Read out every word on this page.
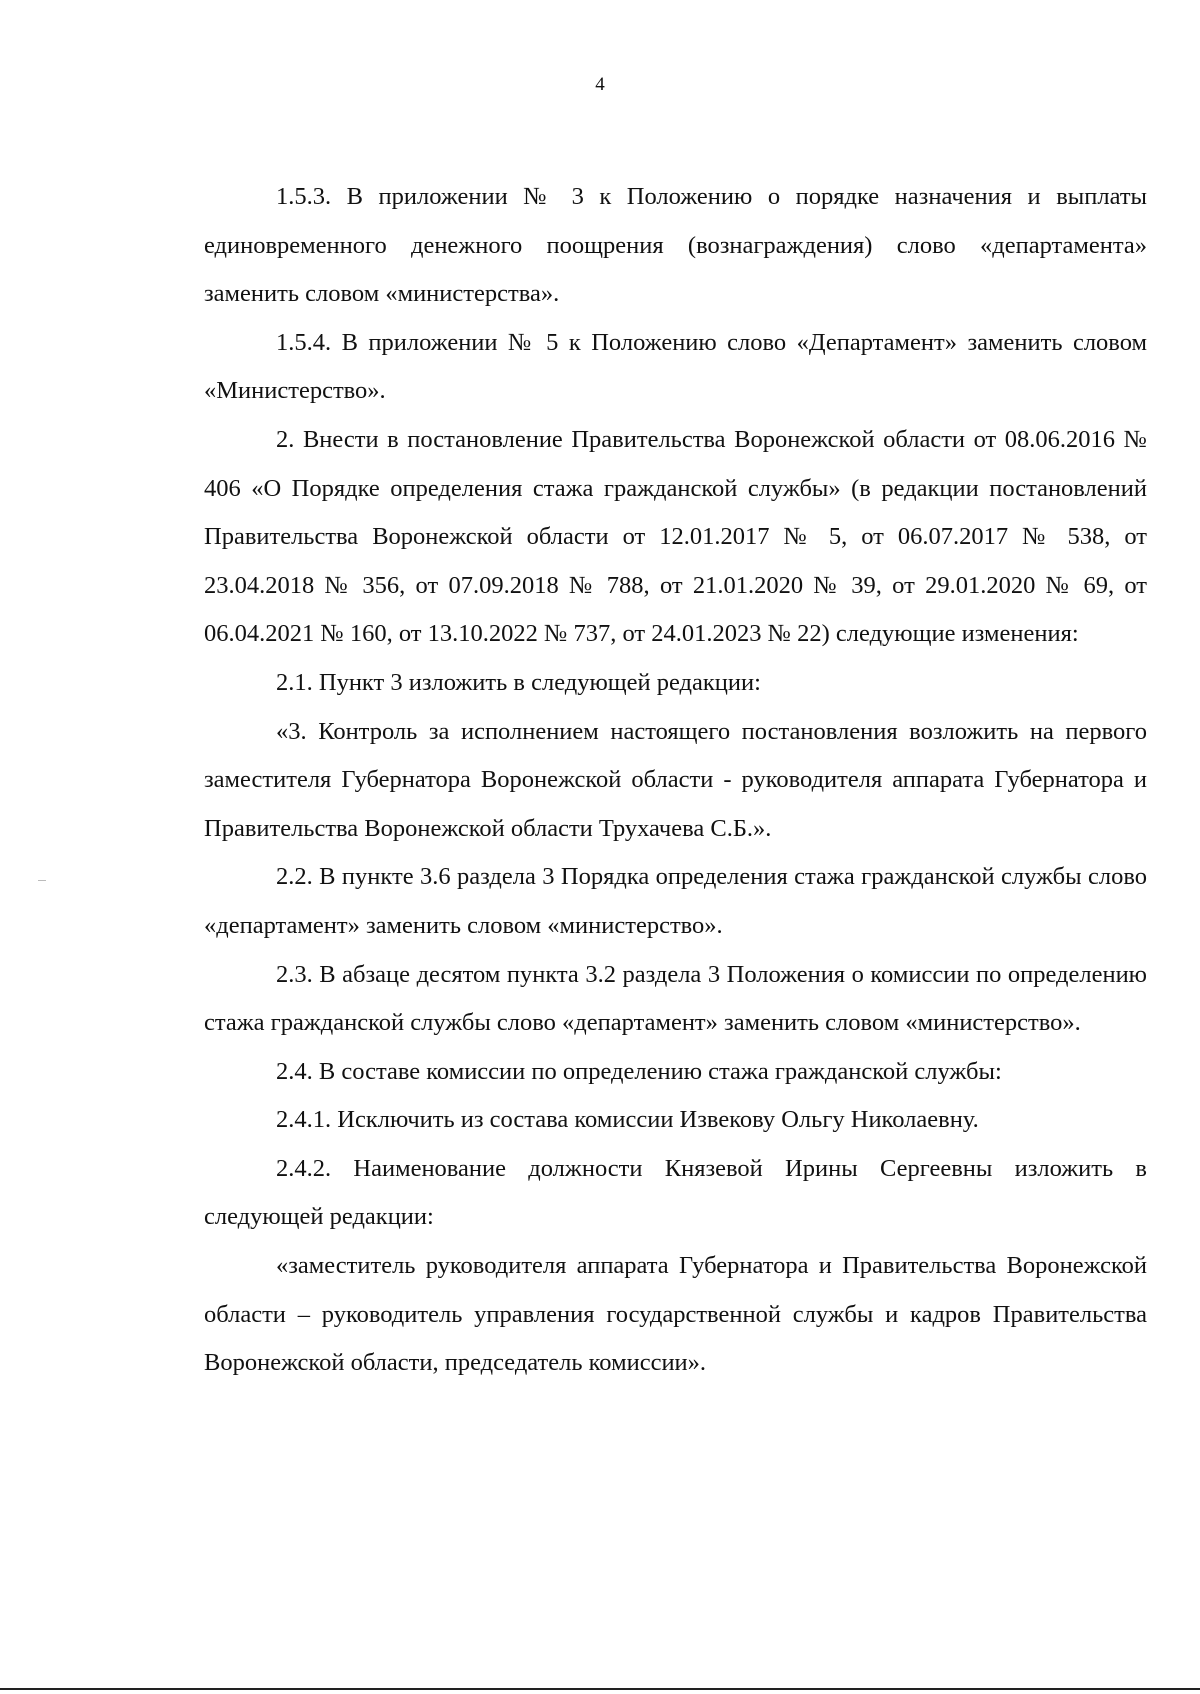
4

1.5.3. В приложении № 3 к Положению о порядке назначения и выплаты единовременного денежного поощрения (вознаграждения) слово «департамента» заменить словом «министерства».

1.5.4. В приложении № 5 к Положению слово «Департамент» заменить словом «Министерство».

2. Внести в постановление Правительства Воронежской области от 08.06.2016 № 406 «О Порядке определения стажа гражданской службы» (в редакции постановлений Правительства Воронежской области от 12.01.2017 № 5, от 06.07.2017 № 538, от 23.04.2018 № 356, от 07.09.2018 № 788, от 21.01.2020 № 39, от 29.01.2020 № 69, от 06.04.2021 № 160, от 13.10.2022 № 737, от 24.01.2023 № 22) следующие изменения:

2.1. Пункт 3 изложить в следующей редакции:

«3. Контроль за исполнением настоящего постановления возложить на первого заместителя Губернатора Воронежской области - руководителя аппарата Губернатора и Правительства Воронежской области Трухачева С.Б.».

2.2. В пункте 3.6 раздела 3 Порядка определения стажа гражданской службы слово «департамент» заменить словом «министерство».

2.3. В абзаце десятом пункта 3.2 раздела 3 Положения о комиссии по определению стажа гражданской службы слово «департамент» заменить словом «министерство».

2.4. В составе комиссии по определению стажа гражданской службы:

2.4.1. Исключить из состава комиссии Извекову Ольгу Николаевну.

2.4.2. Наименование должности Князевой Ирины Сергеевны изложить в следующей редакции:

«заместитель руководителя аппарата Губернатора и Правительства Воронежской области – руководитель управления государственной службы и кадров Правительства Воронежской области, председатель комиссии».
